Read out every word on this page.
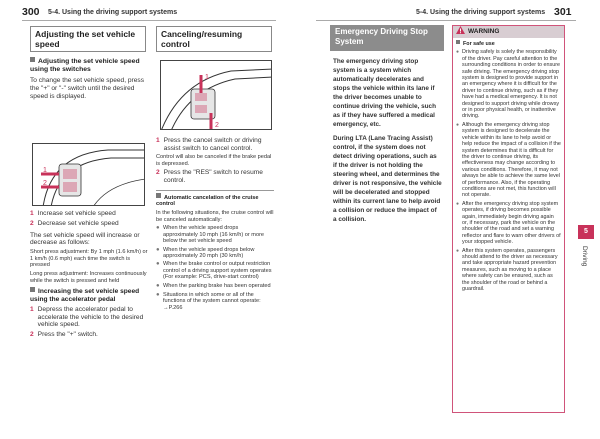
300 5-4. Using the driving support systems	5-4. Using the driving support systems 301
Adjusting the set vehicle speed
Adjusting the set vehicle speed using the switches

To change the set vehicle speed, press the "+" or "-" switch until the desired speed is displayed.

1
2
1 Increase set vehicle speed
2 Decrease set vehicle speed

The set vehicle speed will increase or decrease as follows:

Short press adjustment: By 1 mph (1.6 km/h) or 1 km/h (0.6 mph) each time the switch is pressed

Long press adjustment: Increases continuously while the switch is pressed and held

Increasing the set vehicle speed using the accelerator pedal
1 Depress the accelerator pedal to accelerate the vehicle to the desired vehicle speed.
2 Press the "+" switch.
Canceling/resuming control
1
2
1 Press the cancel switch or driving assist switch to cancel control.

Control will also be canceled if the brake pedal is depressed.

2 Press the "RES" switch to resume control.
Automatic cancelation of the cruise control

In the following situations, the cruise control will be canceled automatically:

● When the vehicle speed drops approximately 10 mph (16 km/h) or more below the set vehicle speed
● When the vehicle speed drops below approximately 20 mph (30 km/h)
● When the brake control or output restriction control of a driving support system operates (For example: PCS, drive-start control)
● When the parking brake has been operated
● Situations in which some or all of the functions of the system cannot operate: →P.266
Emergency Driving Stop System

The emergency driving stop system is a system which automatically decelerates and stops the vehicle within its lane if the driver becomes unable to continue driving the vehicle, such as if they have suffered a medical emergency, etc.

During LTA (Lane Tracing Assist) control, if the system does not detect driving operations, such as if the driver is not holding the steering wheel, and determines the driver is not responsive, the vehicle will be decelerated and stopped within its current lane to help avoid a collision or reduce the impact of a collision.

WARNING
For safe use
● Driving safely is solely the responsibility of the driver. Pay careful attention to the surrounding conditions in order to ensure safe driving. The emergency driving stop system is designed to provide support in an emergency where it is difficult for the driver to continue driving, such as if they have had a medical emergency. It is not designed to support driving while drowsy or in poor physical health, or inattentive driving.
● Although the emergency driving stop system is designed to decelerate the vehicle within its lane to help avoid or help reduce the impact of a collision if the system determines that it is difficult for the driver to continue driving, its effectiveness may change according to various conditions. Therefore, it may not always be able to achieve the same level of performance. Also, if the operating conditions are not met, this function will not operate.
● After the emergency driving stop system operates, if driving becomes possible again, immediately begin driving again or, if necessary, park the vehicle on the shoulder of the road and set a warning reflector and flare to warn other drivers of your stopped vehicle.
● After this system operates, passengers should attend to the driver as necessary and take appropriate hazard prevention measures, such as moving to a place where safety can be ensured, such as the shoulder of the road or behind a guardrail.
5
Driving
